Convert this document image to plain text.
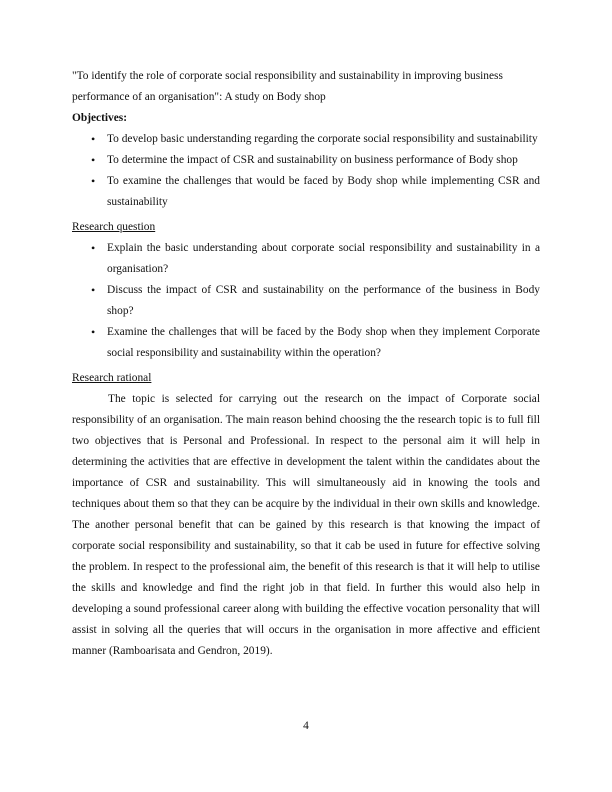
"To identify the role of corporate social responsibility and sustainability in improving business performance of an organisation": A study on Body shop

Objectives:

• To develop basic understanding regarding the corporate social responsibility and sustainability
• To determine the impact of CSR and sustainability on business performance of Body shop
• To examine the challenges that would be faced by Body shop while implementing CSR and sustainability

Research question

• Explain the basic understanding about corporate social responsibility and sustainability in a organisation?
• Discuss the impact of CSR and sustainability on the performance of the business in Body shop?
• Examine the challenges that will be faced by the Body shop when they implement Corporate social responsibility and sustainability within the operation?

Research rational

The topic is selected for carrying out the research on the impact of Corporate social responsibility of an organisation. The main reason behind choosing the the research topic is to full fill two objectives that is Personal and Professional. In respect to the personal aim it will help in determining the activities that are effective in development the talent within the candidates about the importance of CSR and sustainability. This will simultaneously aid in knowing the tools and techniques about them so that they can be acquire by the individual in their own skills and knowledge. The another personal benefit that can be gained by this research is that knowing the impact of corporate social responsibility and sustainability, so that it cab be used in future for effective solving the problem. In respect to the professional aim, the benefit of this research is that it will help to utilise the skills and knowledge and find the right job in that field. In further this would also help in developing a sound professional career along with building the effective vocation personality that will assist in solving all the queries that will occurs in the organisation in more affective and efficient manner (Ramboarisata and Gendron, 2019).

4
